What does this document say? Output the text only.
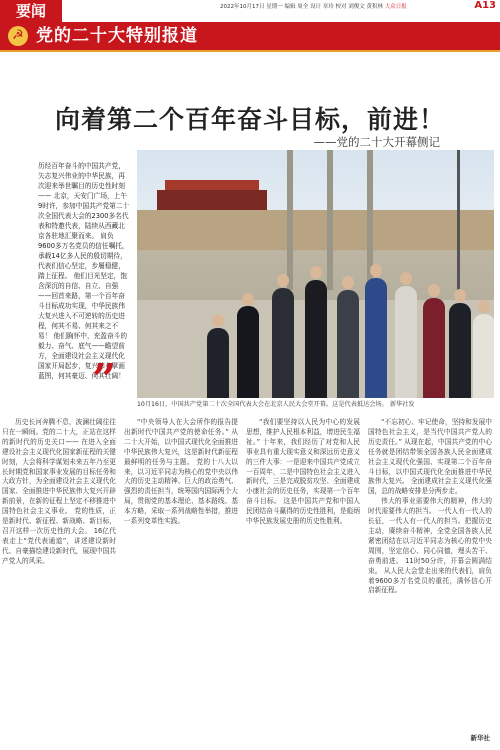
要闻	2022年10月17日 星期一 编辑 周全 设计 章玲 校对 刘俊文 黄积林 大众日报	A13
☭ 党的二十大特别报道
向着第二个百年奋斗目标，前进！
——党的二十大开幕侧记
历经百年奋斗的中国共产党，矢志复兴伟业的中华民族，再次迎来举世瞩目的历史性时刻—— 北京，天安门广场，上午9时许，参加中国共产党第二十次全国代表大会的2300多名代表和特邀代表，陆续从西藏北京各驻地汇聚而来。 肩负9600多万名党员的信任嘱托，承载14亿多人民的殷切期待，代表们信心坚定，步履稳健，踏上征程。 他们目光坚定，饱含深沉的自信、自立、自强——回首来路，第一个百年奋斗目标成功实现，中华民族伟大复兴进入不可逆转的历史进程，何其不易、何其来之不易！ 他们胸怀中，充盈奋斗的毅力、奋气、底气——瞻望前方，全面建设社会主义现代化国家开局起步，复兴伟业擘画蓝图，何其豪迈、何其壮阔！
”
10月16日，中国共产党第二十次全国代表大会在北京人民大会堂开幕。这是代表抵达会场。 新华社发

历史长河奔腾不息，波澜壮阔往往只在一瞬间。党的二十大，正站在这样的新时代的历史关口—— 在进入全面建设社会主义现代化国家新征程的关键时刻，大会将科学谋划未来五年乃至更长时期党和国家事业发展的目标任务和大政方针，为全面建设社会主义现代化国家、全面推进中华民族伟大复兴开辟新前景，在新的征程上坚定不移推进中国特色社会主义事业。 党的性质，正是新时代、新征程、新战略、新目标，召开这样一次历史性的大会。 16亿代表走上“党代表通道”，讲述建设新时代、自豪描绘建设新时代，展现中国共产党人的风采。

“中央领导人在大会所作的报告提出新时代中国共产党的使命任务。” 从二十大开始，以中国式现代化全面推进中华民族伟大复兴，这是新时代新征程最鲜明的任务与主题。 党的十八大以来，以习近平同志为核心的党中央以伟大的历史主动精神、巨大的政治勇气、强烈的责任担当，统筹国内国际两个大局，贯彻党的基本理论、基本路线、基本方略，采取一系列战略性举措，推进一系列变革性实践。

“我们要坚持以人民为中心的发展思想，维护人民根本利益，增进民生福祉。” 十年来，我们经历了对党和人民事业具有重大现实意义和深远历史意义的三件大事：一是迎来中国共产党成立一百周年，二是中国特色社会主义进入新时代，三是完成脱贫攻坚、全面建成小康社会的历史任务，实现第一个百年奋斗目标。 这是中国共产党和中国人民团结奋斗赢得的历史性胜利，是彪炳中华民族发展史册的历史性胜利。

“不忘初心、牢记使命，坚持和发展中国特色社会主义，是当代中国共产党人的历史责任。” 从现在起，中国共产党的中心任务就是团结带领全国各族人民全面建成社会主义现代化强国、实现第二个百年奋斗目标，以中国式现代化全面推进中华民族伟大复兴。 全面建成社会主义现代化强国，总的战略安排是分两步走。

伟大的事业需要伟大的精神，伟大的时代需要伟大的担当。 一代人有一代人的长征，一代人有一代人的担当。把握历史主动，赓续奋斗精神，全党全国各族人民紧密团结在以习近平同志为核心的党中央周围，坚定信心、同心同德，埋头苦干、奋勇前进。 11时50分许，开幕会圆满结束。 从人民大会堂走出来的代表们，肩负着9600多万名党员的重托，满怀信心开启新征程。

新华社
